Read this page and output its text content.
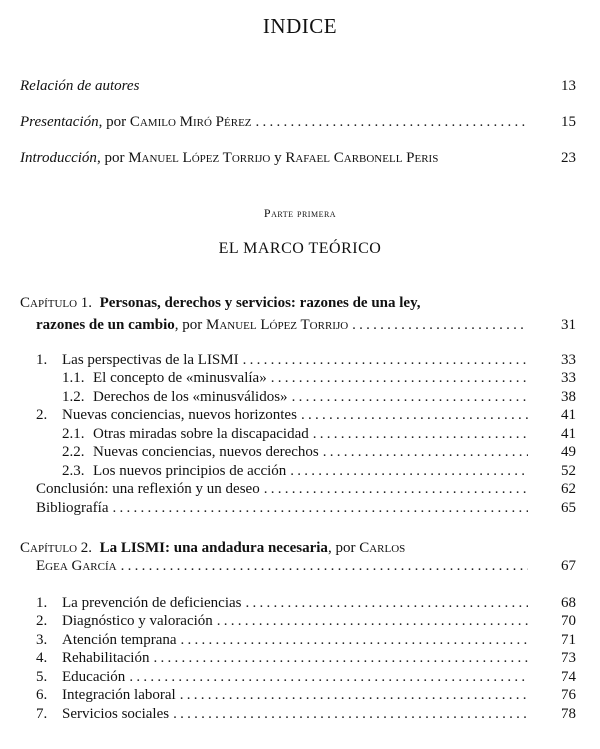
INDICE
Relación de autores	13
Presentación, por Camilo Miró Pérez . . .	15
Introducción, por Manuel López Torrijo y Rafael Carbonell Peris	23
Parte primera
EL MARCO TEÓRICO
Capítulo 1. Personas, derechos y servicios: razones de una ley,
razones de un cambio, por Manuel López Torrijo . . .	31
1. Las perspectivas de la LISMI . . .	33
1.1. El concepto de «minusvalía» . . .	33
1.2. Derechos de los «minusválidos» . . .	38
2. Nuevas conciencias, nuevos horizontes . . .	41
2.1. Otras miradas sobre la discapacidad . . .	41
2.2. Nuevas conciencias, nuevos derechos . . .	49
2.3. Los nuevos principios de acción . . .	52
Conclusión: una reflexión y un deseo . . .	62
Bibliografía . . .	65
Capítulo 2. La LISMI: una andadura necesaria, por Carlos
Egea García . . .	67
1. La prevención de deficiencias . . .	68
2. Diagnóstico y valoración . . .	70
3. Atención temprana . . .	71
4. Rehabilitación . . .	73
5. Educación . . .	74
6. Integración laboral . . .	76
7. Servicios sociales . . .	78
